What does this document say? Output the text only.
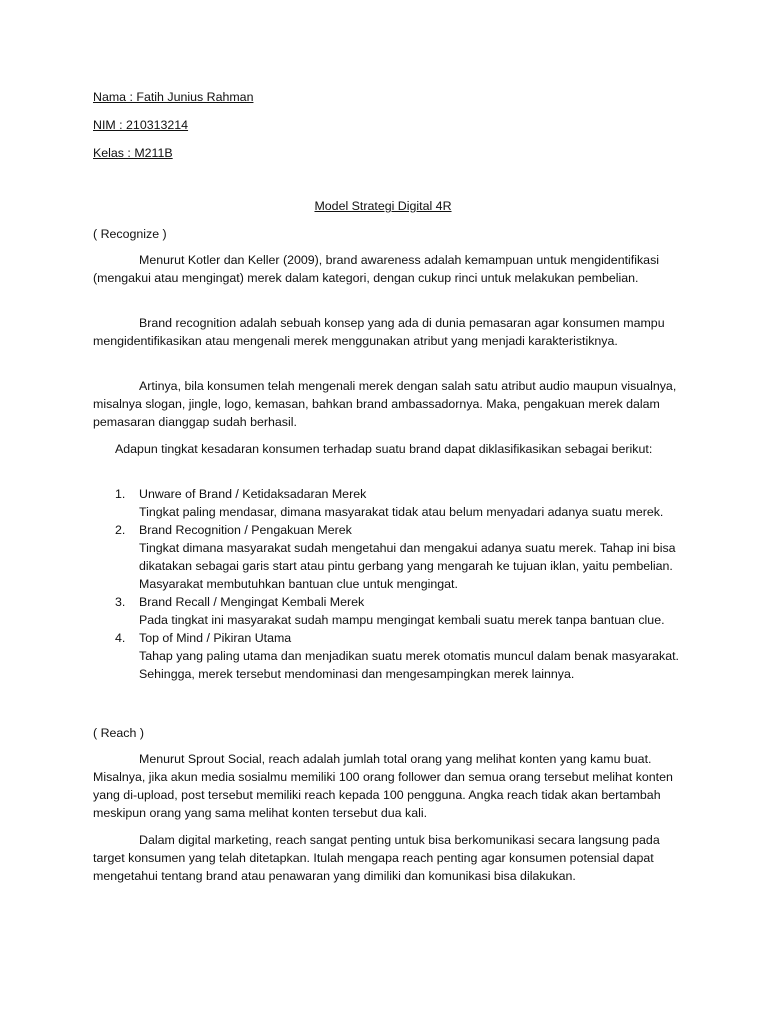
Nama : Fatih Junius Rahman

NIM : 210313214

Kelas : M211B

Model Strategi Digital 4R

( Recognize )

Menurut Kotler dan Keller (2009), brand awareness adalah kemampuan untuk mengidentifikasi (mengakui atau mengingat) merek dalam kategori, dengan cukup rinci untuk melakukan pembelian.

Brand recognition adalah sebuah konsep yang ada di dunia pemasaran agar konsumen mampu mengidentifikasikan atau mengenali merek menggunakan atribut yang menjadi karakteristiknya.

Artinya, bila konsumen telah mengenali merek dengan salah satu atribut audio maupun visualnya, misalnya slogan, jingle, logo, kemasan, bahkan brand ambassadornya. Maka, pengakuan merek dalam pemasaran dianggap sudah berhasil.

Adapun tingkat kesadaran konsumen terhadap suatu brand dapat diklasifikasikan sebagai berikut:

1. Unware of Brand / Ketidaksadaran Merek
Tingkat paling mendasar, dimana masyarakat tidak atau belum menyadari adanya suatu merek.
2. Brand Recognition / Pengakuan Merek
Tingkat dimana masyarakat sudah mengetahui dan mengakui adanya suatu merek. Tahap ini bisa dikatakan sebagai garis start atau pintu gerbang yang mengarah ke tujuan iklan, yaitu pembelian. Masyarakat membutuhkan bantuan clue untuk mengingat.
3. Brand Recall / Mengingat Kembali Merek
Pada tingkat ini masyarakat sudah mampu mengingat kembali suatu merek tanpa bantuan clue.
4. Top of Mind / Pikiran Utama
Tahap yang paling utama dan menjadikan suatu merek otomatis muncul dalam benak masyarakat. Sehingga, merek tersebut mendominasi dan mengesampingkan merek lainnya.

( Reach )

Menurut Sprout Social, reach adalah jumlah total orang yang melihat konten yang kamu buat. Misalnya, jika akun media sosialmu memiliki 100 orang follower dan semua orang tersebut melihat konten yang di-upload, post tersebut memiliki reach kepada 100 pengguna. Angka reach tidak akan bertambah meskipun orang yang sama melihat konten tersebut dua kali.

Dalam digital marketing, reach sangat penting untuk bisa berkomunikasi secara langsung pada target konsumen yang telah ditetapkan. Itulah mengapa reach penting agar konsumen potensial dapat mengetahui tentang brand atau penawaran yang dimiliki dan komunikasi bisa dilakukan.
